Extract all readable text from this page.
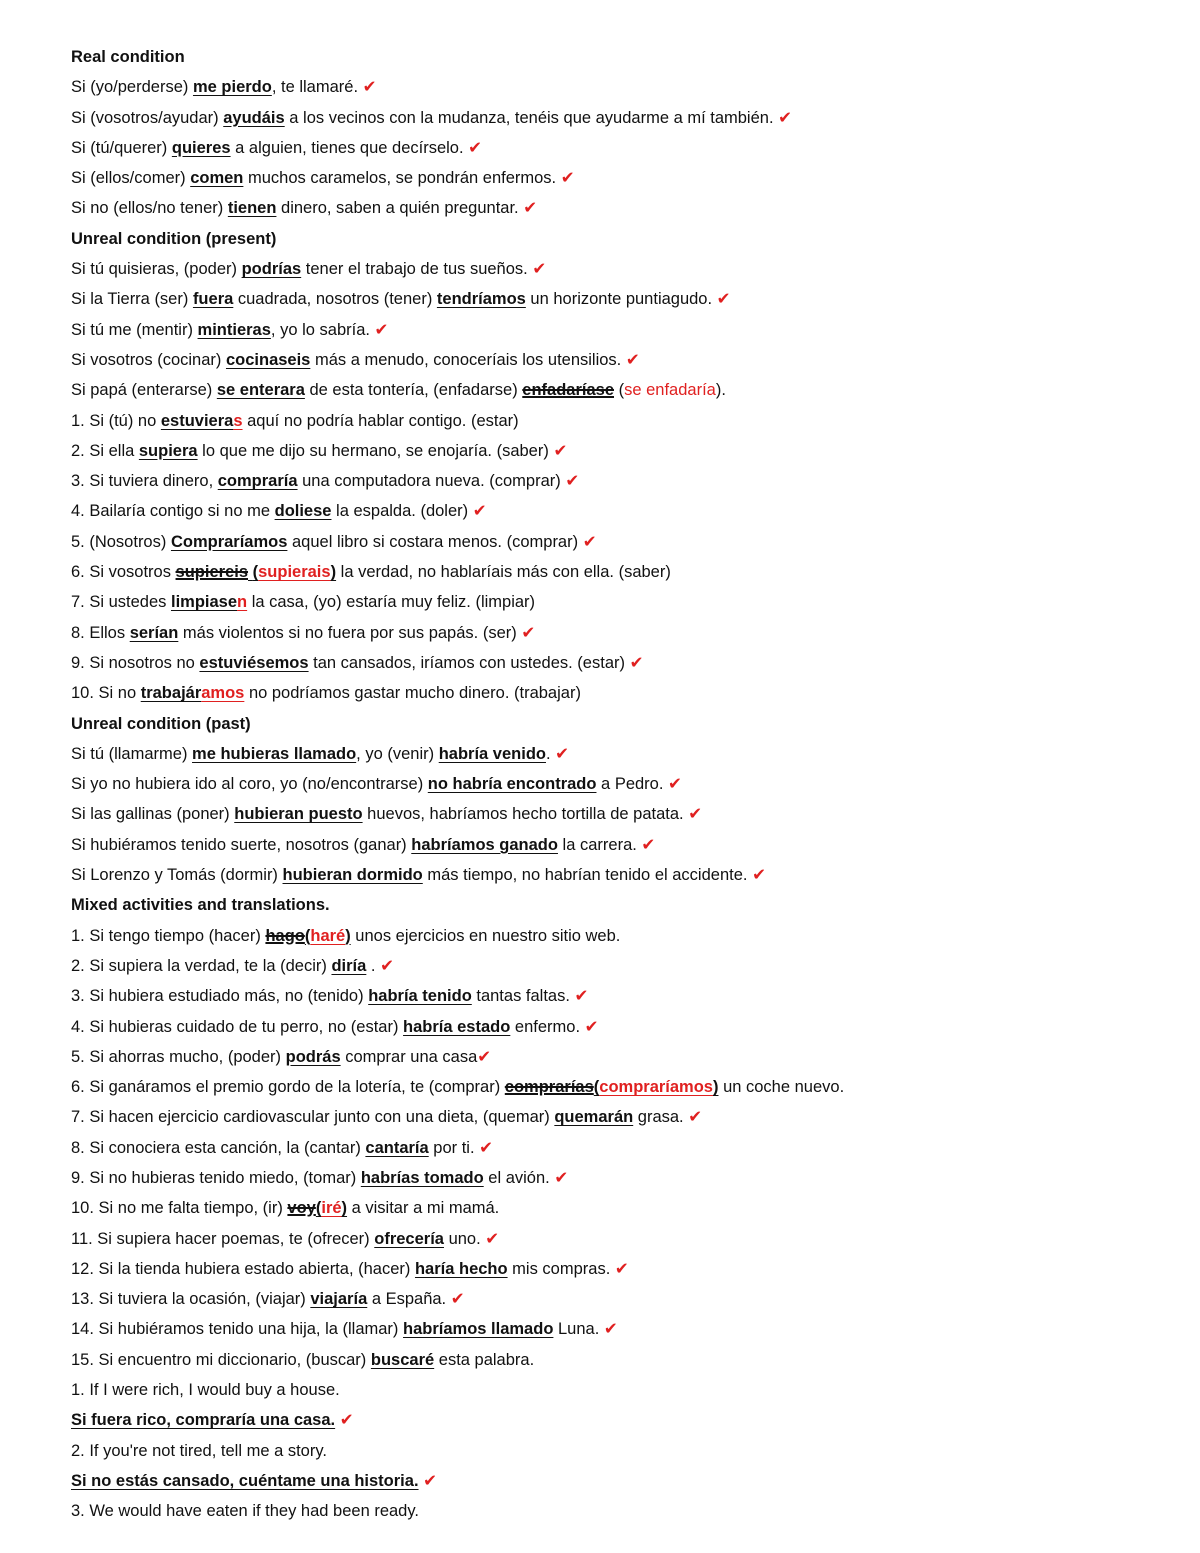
Real condition
Si (yo/perderse) me pierdo, te llamaré. ✔
Si (vosotros/ayudar) ayudáis a los vecinos con la mudanza, tenéis que ayudarme a mí también. ✔
Si (tú/querer) quieres a alguien, tienes que decírselo. ✔
Si (ellos/comer) comen muchos caramelos, se pondrán enfermos. ✔
Si no (ellos/no tener) tienen dinero, saben a quién preguntar. ✔
Unreal condition (present)
Si tú quisieras, (poder) podrías tener el trabajo de tus sueños. ✔
Si la Tierra (ser) fuera cuadrada, nosotros (tener) tendríamos un horizonte puntiagudo. ✔
Si tú me (mentir) mintieras, yo lo sabría. ✔
Si vosotros (cocinar) cocinaseis más a menudo, conoceríais los utensilios. ✔
Si papá (enterarse) se enterara de esta tontería, (enfadarse) enfadaríase (se enfadaría).
1. Si (tú) no estuvieras aquí no podría hablar contigo. (estar)
2. Si ella supiera lo que me dijo su hermano, se enojaría. (saber) ✔
3. Si tuviera dinero, compraría una computadora nueva. (comprar) ✔
4. Bailaría contigo si no me doliese la espalda. (doler) ✔
5. (Nosotros) Compraríamos aquel libro si costara menos. (comprar) ✔
6. Si vosotros supiereis (supierais) la verdad, no hablaríais más con ella. (saber)
7. Si ustedes limpiasen la casa, (yo) estaría muy feliz. (limpiar)
8. Ellos serían más violentos si no fuera por sus papás. (ser) ✔
9. Si nosotros no estuviésemos tan cansados, iríamos con ustedes. (estar) ✔
10. Si no trabajáramos no podríamos gastar mucho dinero. (trabajar)
Unreal condition (past)
Si tú (llamarme) me hubieras llamado, yo (venir) habría venido. ✔
Si yo no hubiera ido al coro, yo (no/encontrarse) no habría encontrado a Pedro. ✔
Si las gallinas (poner) hubieran puesto huevos, habríamos hecho tortilla de patata. ✔
Si hubiéramos tenido suerte, nosotros (ganar) habríamos ganado la carrera. ✔
Si Lorenzo y Tomás (dormir) hubieran dormido más tiempo, no habrían tenido el accidente. ✔
Mixed activities and translations.
1. Si tengo tiempo (hacer) hago(haré) unos ejercicios en nuestro sitio web.
2. Si supiera la verdad, te la (decir) diría . ✔
3. Si hubiera estudiado más, no (tenido) habría tenido tantas faltas. ✔
4. Si hubieras cuidado de tu perro, no (estar) habría estado enfermo. ✔
5. Si ahorras mucho, (poder) podrás comprar una casa✔
6. Si ganáramos el premio gordo de la lotería, te (comprar) comprarías(compraríamos) un coche nuevo.
7. Si hacen ejercicio cardiovascular junto con una dieta, (quemar) quemarán grasa. ✔
8. Si conociera esta canción, la (cantar) cantaría por ti. ✔
9. Si no hubieras tenido miedo, (tomar) habrías tomado el avión. ✔
10. Si no me falta tiempo, (ir) voy(iré) a visitar a mi mamá.
11. Si supiera hacer poemas, te (ofrecer) ofrecería uno. ✔
12. Si la tienda hubiera estado abierta, (hacer) haría hecho mis compras. ✔
13. Si tuviera la ocasión, (viajar) viajaría a España. ✔
14. Si hubiéramos tenido una hija, la (llamar) habríamos llamado Luna. ✔
15. Si encuentro mi diccionario, (buscar) buscaré esta palabra.
1. If I were rich, I would buy a house.
Si fuera rico, compraría una casa. ✔
2. If you're not tired, tell me a story.
Si no estás cansado, cuéntame una historia. ✔
3. We would have eaten if they had been ready.
